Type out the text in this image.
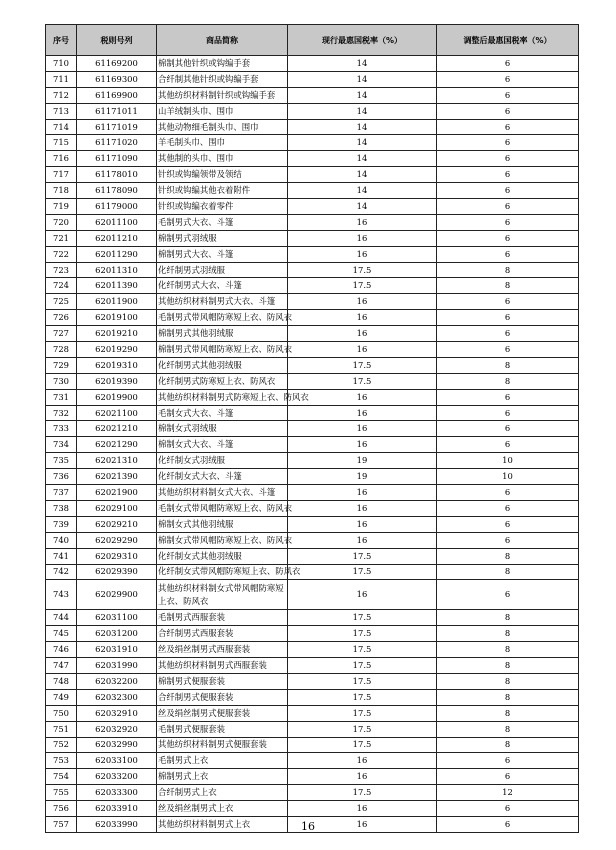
序号	税则号列	商品简称	现行最惠国税率（%）	调整后最惠国税率（%）
710	61169200	棉制其他针织或钩编手套	14	6
711	61169300	合纤制其他针织或钩编手套	14	6
712	61169900	其他纺织材料制针织或钩编手套	14	6
713	61171011	山羊绒制头巾、围巾	14	6
714	61171019	其他动物细毛制头巾、围巾	14	6
715	61171020	羊毛制头巾、围巾	14	6
716	61171090	其他制的头巾、围巾	14	6
717	61178010	针织或钩编领带及领结	14	6
718	61178090	针织或钩编其他衣着附件	14	6
719	61179000	针织或钩编衣着零件	14	6
720	62011100	毛制男式大衣、斗篷	16	6
721	62011210	棉制男式羽绒服	16	6
722	62011290	棉制男式大衣、斗篷	16	6
723	62011310	化纤制男式羽绒服	17.5	8
724	62011390	化纤制男式大衣、斗篷	17.5	8
725	62011900	其他纺织材料制男式大衣、斗篷	16	6
726	62019100	毛制男式带风帽防寒短上衣、防风衣	16	6
727	62019210	棉制男式其他羽绒服	16	6
728	62019290	棉制男式带风帽防寒短上衣、防风衣	16	6
729	62019310	化纤制男式其他羽绒服	17.5	8
730	62019390	化纤制男式防寒短上衣、防风衣	17.5	8
731	62019900	其他纺织材料制男式防寒短上衣、防风衣	16	6
732	62021100	毛制女式大衣、斗篷	16	6
733	62021210	棉制女式羽绒服	16	6
734	62021290	棉制女式大衣、斗篷	16	6
735	62021310	化纤制女式羽绒服	19	10
736	62021390	化纤制女式大衣、斗篷	19	10
737	62021900	其他纺织材料制女式大衣、斗篷	16	6
738	62029100	毛制女式带风帽防寒短上衣、防风衣	16	6
739	62029210	棉制女式其他羽绒服	16	6
740	62029290	棉制女式带风帽防寒短上衣、防风衣	16	6
741	62029310	化纤制女式其他羽绒服	17.5	8
742	62029390	化纤制女式带风帽防寒短上衣、防风衣	17.5	8
743	62029900	其他纺织材料制女式带风帽防寒短上衣、防风衣	16	6
744	62031100	毛制男式西服套装	17.5	8
745	62031200	合纤制男式西服套装	17.5	8
746	62031910	丝及绢丝制男式西服套装	17.5	8
747	62031990	其他纺织材料制男式西服套装	17.5	8
748	62032200	棉制男式便服套装	17.5	8
749	62032300	合纤制男式便服套装	17.5	8
750	62032910	丝及绢丝制男式便服套装	17.5	8
751	62032920	毛制男式便服套装	17.5	8
752	62032990	其他纺织材料制男式便服套装	17.5	8
753	62033100	毛制男式上衣	16	6
754	62033200	棉制男式上衣	16	6
755	62033300	合纤制男式上衣	17.5	12
756	62033910	丝及绢丝制男式上衣	16	6
757	62033990	其他纺织材料制男式上衣	16	6
16
